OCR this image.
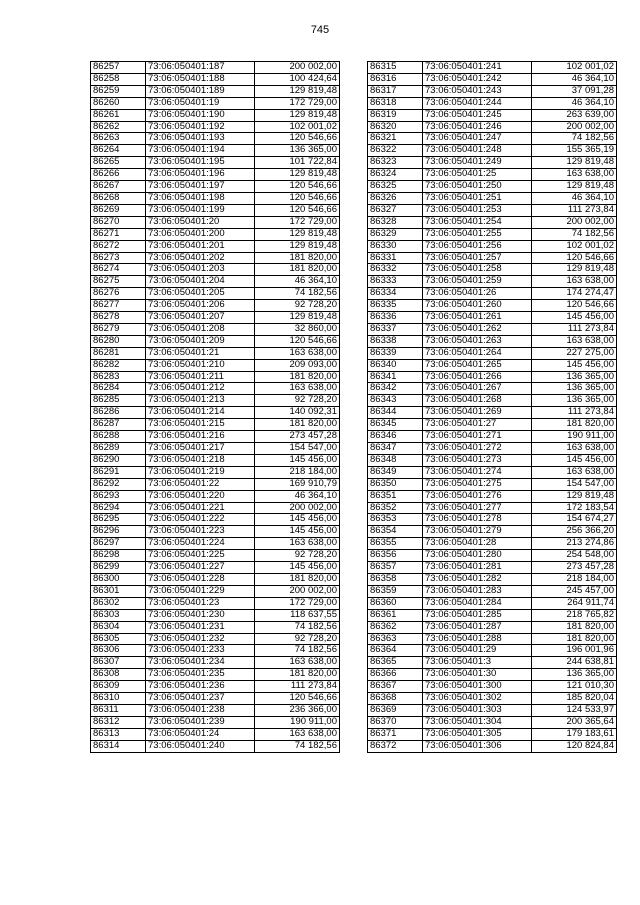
745
86257	73:06:050401:187	200 002,00
86258	73:06:050401:188	100 424,64
86259	73:06:050401:189	129 819,48
86260	73:06:050401:19	172 729,00
86261	73:06:050401:190	129 819,48
86262	73:06:050401:192	102 001,02
86263	73:06:050401:193	120 546,66
86264	73:06:050401:194	136 365,00
86265	73:06:050401:195	101 722,84
86266	73:06:050401:196	129 819,48
86267	73:06:050401:197	120 546,66
86268	73:06:050401:198	120 546,66
86269	73:06:050401:199	120 546,66
86270	73:06:050401:20	172 729,00
86271	73:06:050401:200	129 819,48
86272	73:06:050401:201	129 819,48
86273	73:06:050401:202	181 820,00
86274	73:06:050401:203	181 820,00
86275	73:06:050401:204	46 364,10
86276	73:06:050401:205	74 182,56
86277	73:06:050401:206	92 728,20
86278	73:06:050401:207	129 819,48
86279	73:06:050401:208	32 860,00
86280	73:06:050401:209	120 546,66
86281	73:06:050401:21	163 638,00
86282	73:06:050401:210	209 093,00
86283	73:06:050401:211	181 820,00
86284	73:06:050401:212	163 638,00
86285	73:06:050401:213	92 728,20
86286	73:06:050401:214	140 092,31
86287	73:06:050401:215	181 820,00
86288	73:06:050401:216	273 457,28
86289	73:06:050401:217	154 547,00
86290	73:06:050401:218	145 456,00
86291	73:06:050401:219	218 184,00
86292	73:06:050401:22	169 910,79
86293	73:06:050401:220	46 364,10
86294	73:06:050401:221	200 002,00
86295	73:06:050401:222	145 456,00
86296	73:06:050401:223	145 456,00
86297	73:06:050401:224	163 638,00
86298	73:06:050401:225	92 728,20
86299	73:06:050401:227	145 456,00
86300	73:06:050401:228	181 820,00
86301	73:06:050401:229	200 002,00
86302	73:06:050401:23	172 729,00
86303	73:06:050401:230	118 637,55
86304	73:06:050401:231	74 182,56
86305	73:06:050401:232	92 728,20
86306	73:06:050401:233	74 182,56
86307	73:06:050401:234	163 638,00
86308	73:06:050401:235	181 820,00
86309	73:06:050401:236	111 273,84
86310	73:06:050401:237	120 546,66
86311	73:06:050401:238	236 366,00
86312	73:06:050401:239	190 911,00
86313	73:06:050401:24	163 638,00
86314	73:06:050401:240	74 182,56
86315	73:06:050401:241	102 001,02
86316	73:06:050401:242	46 364,10
86317	73:06:050401:243	37 091,28
86318	73:06:050401:244	46 364,10
86319	73:06:050401:245	263 639,00
86320	73:06:050401:246	200 002,00
86321	73:06:050401:247	74 182,56
86322	73:06:050401:248	155 365,19
86323	73:06:050401:249	129 819,48
86324	73:06:050401:25	163 638,00
86325	73:06:050401:250	129 819,48
86326	73:06:050401:251	46 364,10
86327	73:06:050401:253	111 273,84
86328	73:06:050401:254	200 002,00
86329	73:06:050401:255	74 182,56
86330	73:06:050401:256	102 001,02
86331	73:06:050401:257	120 546,66
86332	73:06:050401:258	129 819,48
86333	73:06:050401:259	163 638,00
86334	73:06:050401:26	174 274,47
86335	73:06:050401:260	120 546,66
86336	73:06:050401:261	145 456,00
86337	73:06:050401:262	111 273,84
86338	73:06:050401:263	163 638,00
86339	73:06:050401:264	227 275,00
86340	73:06:050401:265	145 456,00
86341	73:06:050401:266	136 365,00
86342	73:06:050401:267	136 365,00
86343	73:06:050401:268	136 365,00
86344	73:06:050401:269	111 273,84
86345	73:06:050401:27	181 820,00
86346	73:06:050401:271	190 911,00
86347	73:06:050401:272	163 638,00
86348	73:06:050401:273	145 456,00
86349	73:06:050401:274	163 638,00
86350	73:06:050401:275	154 547,00
86351	73:06:050401:276	129 819,48
86352	73:06:050401:277	172 183,54
86353	73:06:050401:278	154 674,27
86354	73:06:050401:279	256 366,20
86355	73:06:050401:28	213 274,86
86356	73:06:050401:280	254 548,00
86357	73:06:050401:281	273 457,28
86358	73:06:050401:282	218 184,00
86359	73:06:050401:283	245 457,00
86360	73:06:050401:284	264 911,74
86361	73:06:050401:285	218 765,82
86362	73:06:050401:287	181 820,00
86363	73:06:050401:288	181 820,00
86364	73:06:050401:29	196 001,96
86365	73:06:050401:3	244 638,81
86366	73:06:050401:30	136 365,00
86367	73:06:050401:300	121 010,30
86368	73:06:050401:302	185 820,04
86369	73:06:050401:303	124 533,97
86370	73:06:050401:304	200 365,64
86371	73:06:050401:305	179 183,61
86372	73:06:050401:306	120 824,84
